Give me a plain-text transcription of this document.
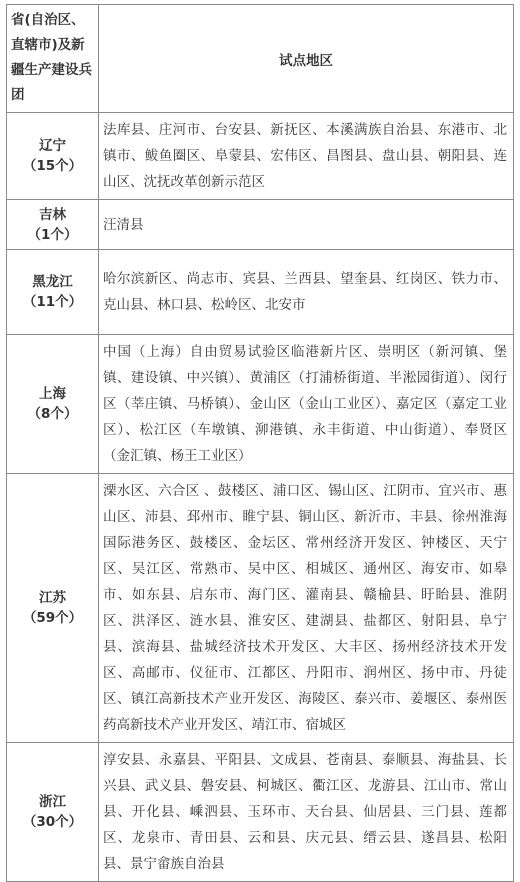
省(自治区、直辖市)及新疆生产建设兵团	试点地区

辽宁
（15个）	法库县、庄河市、台安县、新抚区、本溪满族自治县、东港市、北镇市、鲅鱼圈区、阜蒙县、宏伟区、昌图县、盘山县、朝阳县、连山区、沈抚改革创新示范区

吉林
（1个）	汪清县

黑龙江
（11个）	哈尔滨新区、尚志市、宾县、兰西县、望奎县、红岗区、铁力市、克山县、林口县、松岭区、北安市

上海
（8个）	中国（上海）自由贸易试验区临港新片区、崇明区（新河镇、堡镇、建设镇、中兴镇）、黄浦区（打浦桥街道、半淞园街道）、闵行区（莘庄镇、马桥镇）、金山区（金山工业区）、嘉定区（嘉定工业区）、松江区（车墩镇、泖港镇、永丰街道、中山街道）、奉贤区（金汇镇、杨王工业区）

江苏
（59个）	溧水区、六合区 、鼓楼区、浦口区、锡山区、江阴市、宜兴市、惠山区、沛县、邳州市、睢宁县、铜山区、新沂市、丰县、徐州淮海国际港务区、鼓楼区、金坛区、常州经济开发区、钟楼区、天宁区、吴江区、常熟市、吴中区、相城区、通州区、海安市、如皋市、如东县、启东市、海门区、灌南县、赣榆县、盱眙县、淮阴区、洪泽区、涟水县、淮安区、建湖县、盐都区、射阳县、阜宁县、滨海县、盐城经济技术开发区、大丰区、扬州经济技术开发区、高邮市、仪征市、江都区、丹阳市、润州区、扬中市、丹徒区、镇江高新技术产业开发区、海陵区、泰兴市、姜堰区、泰州医药高新技术产业开发区、靖江市、宿城区

浙江
（30个）	淳安县、永嘉县、平阳县、文成县、苍南县、泰顺县、海盐县、长兴县、武义县、磐安县、柯城区、衢江区、龙游县、江山市、常山县、开化县、嵊泗县、玉环市、天台县、仙居县、三门县、莲都区、龙泉市、青田县、云和县、庆元县、缙云县、遂昌县、松阳县、景宁畲族自治县
